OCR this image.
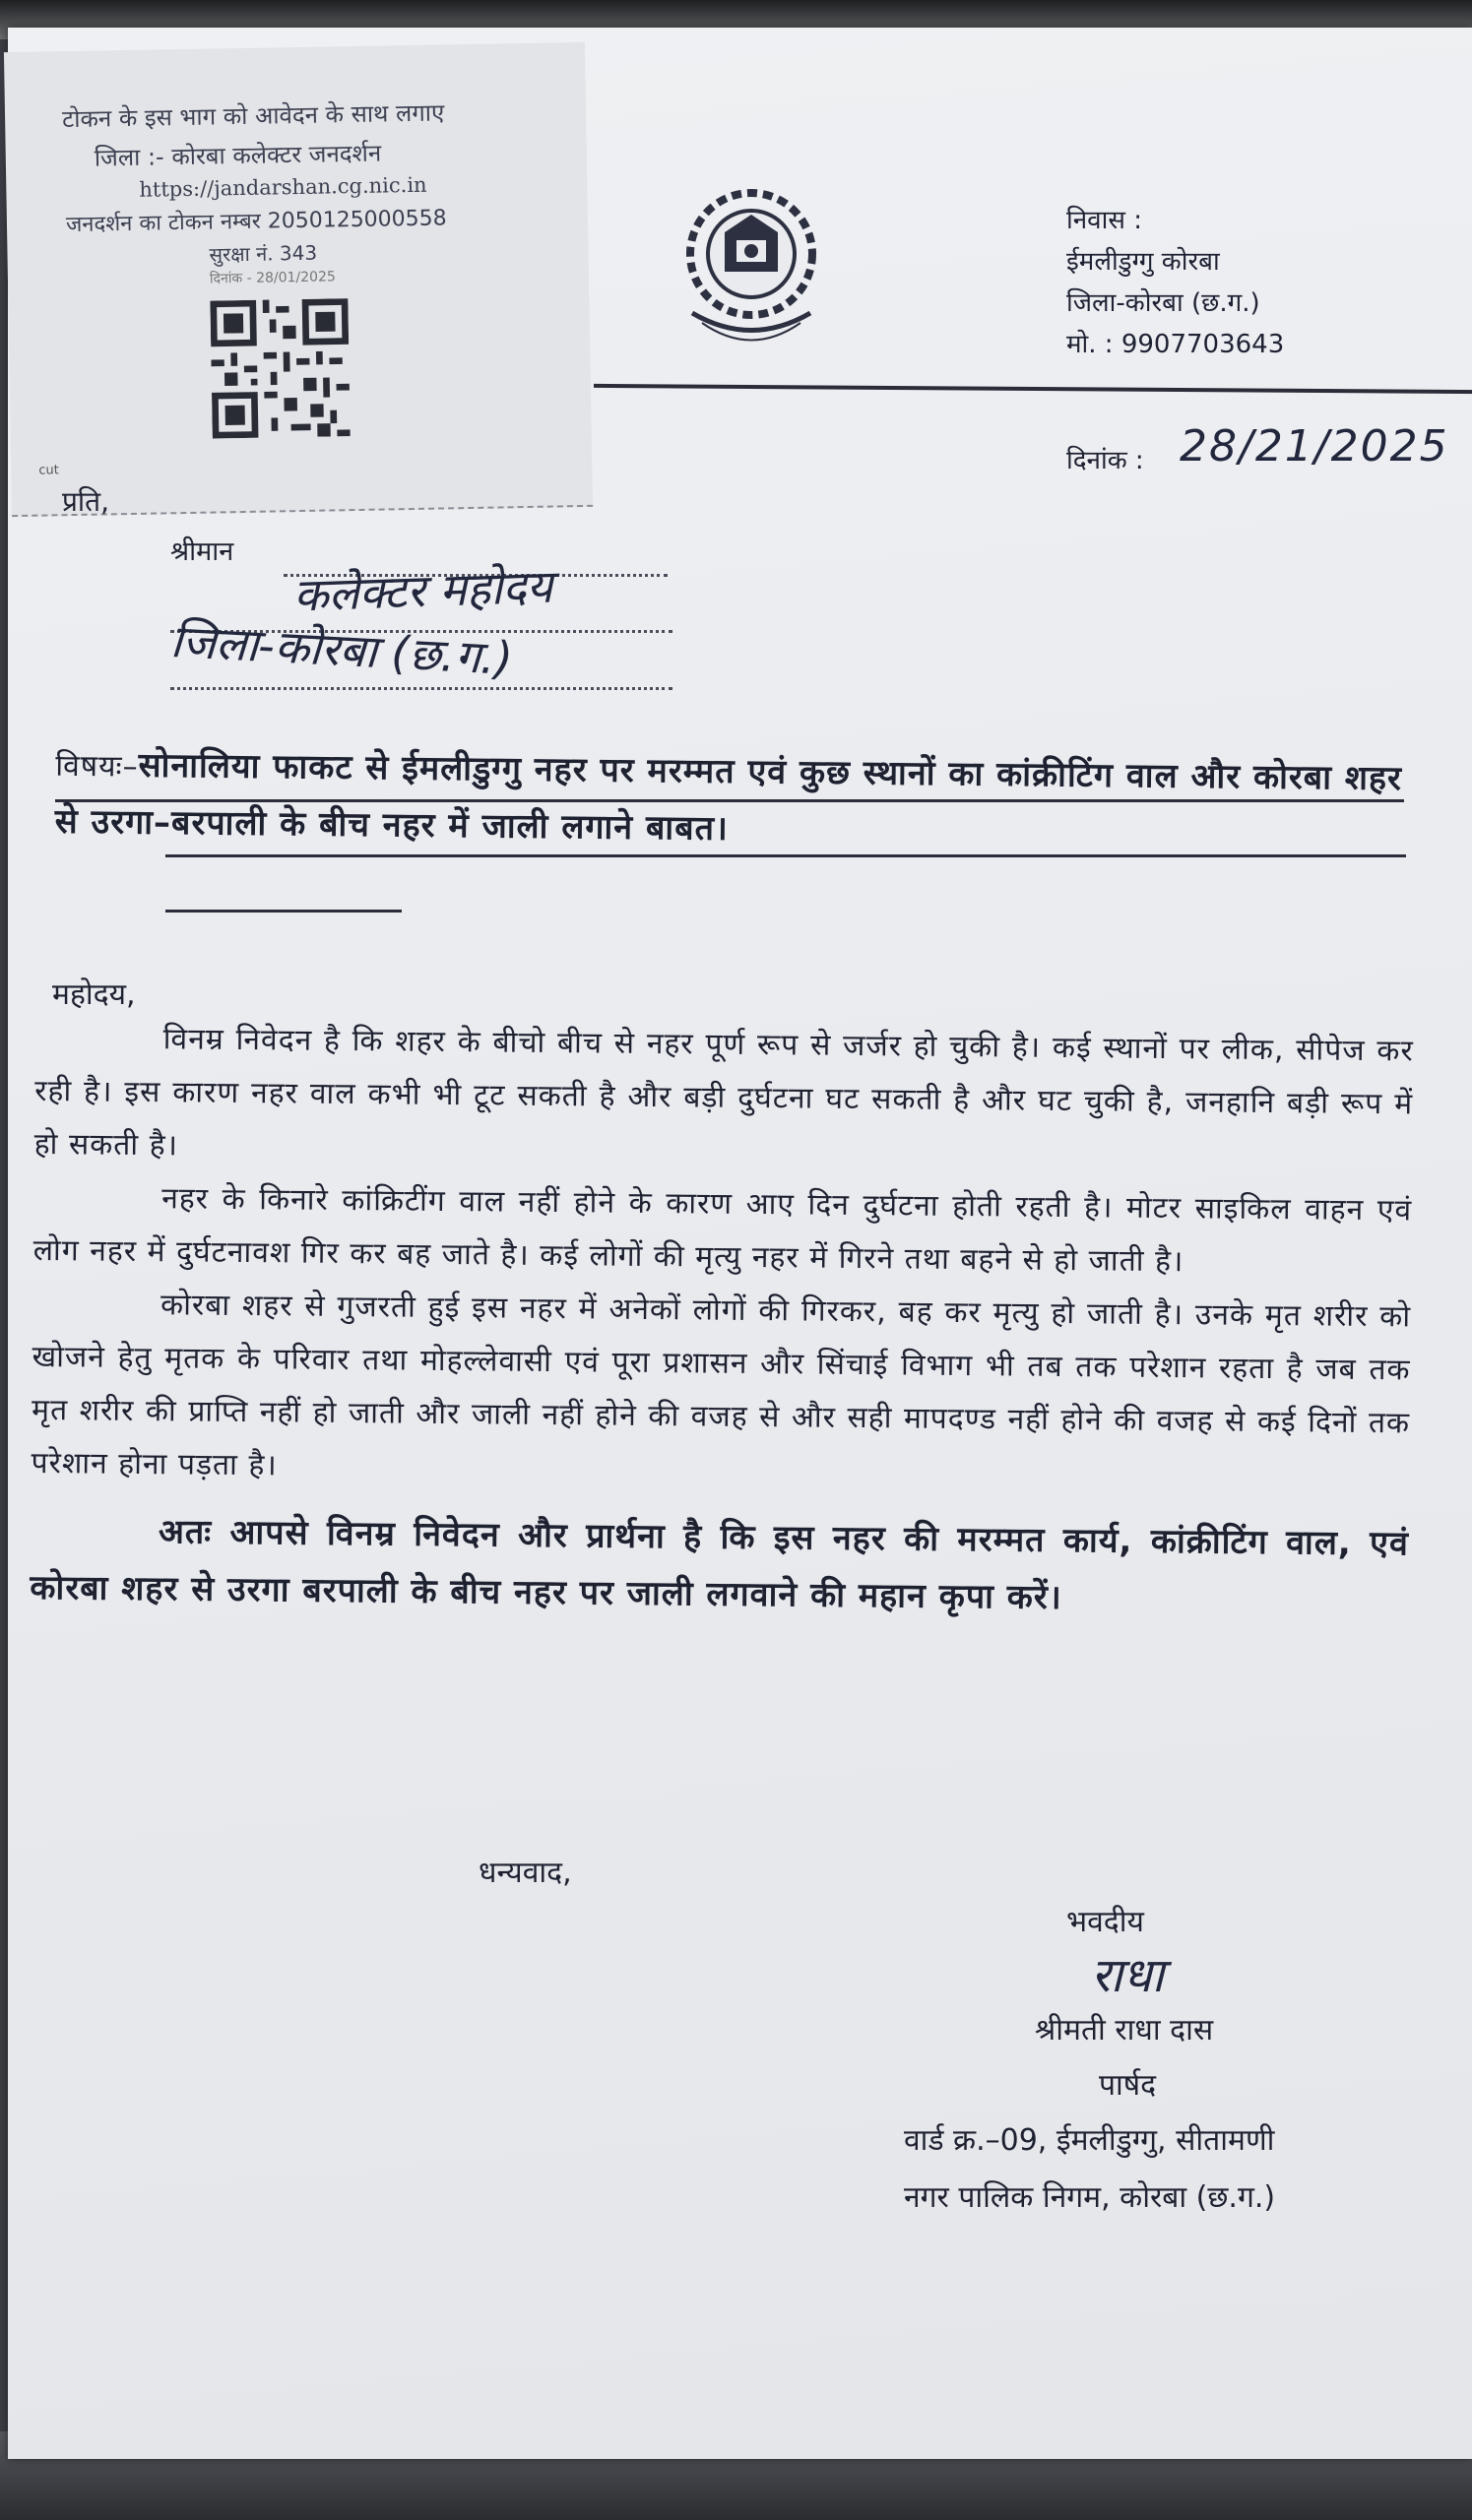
टोकन के इस भाग को आवेदन के साथ लगाए
जिला :- कोरबा कलेक्टर जनदर्शन
https://jandarshan.cg.nic.in
जनदर्शन का टोकन नम्बर 2050125000558
सुरक्षा नं. 343
दिनांक - 28/01/2025
cut
निवास :
ईमलीडुग्गु कोरबा
जिला-कोरबा (छ.ग.)
मो. : 9907703643
दिनांक : 28/21/2025
प्रति,
श्रीमान
कलेक्टर महोदय
जिला-कोरबा (छ.ग.)
विषयः–सोनालिया फाकट से ईमलीडुग्गु नहर पर मरम्मत एवं कुछ स्थानों का कांक्रीटिंग वाल और कोरबा शहर से उरगा–बरपाली के बीच नहर में जाली लगाने बाबत।
महोदय,

विनम्र निवेदन है कि शहर के बीचो बीच से नहर पूर्ण रूप से जर्जर हो चुकी है। कई स्थानों पर लीक, सीपेज कर रही है। इस कारण नहर वाल कभी भी टूट सकती है और बड़ी दुर्घटना घट सकती है और घट चुकी है, जनहानि बड़ी रूप में हो सकती है।

नहर के किनारे कांक्रिटींग वाल नहीं होने के कारण आए दिन दुर्घटना होती रहती है। मोटर साइकिल वाहन एवं लोग नहर में दुर्घटनावश गिर कर बह जाते है। कई लोगों की मृत्यु नहर में गिरने तथा बहने से हो जाती है।

कोरबा शहर से गुजरती हुई इस नहर में अनेकों लोगों की गिरकर, बह कर मृत्यु हो जाती है। उनके मृत शरीर को खोजने हेतु मृतक के परिवार तथा मोहल्लेवासी एवं पूरा प्रशासन और सिंचाई विभाग भी तब तक परेशान रहता है जब तक मृत शरीर की प्राप्ति नहीं हो जाती और जाली नहीं होने की वजह से और सही मापदण्ड नहीं होने की वजह से कई दिनों तक परेशान होना पड़ता है।

अतः आपसे विनम्र निवेदन और प्रार्थना है कि इस नहर की मरम्मत कार्य, कांक्रीटिंग वाल, एवं कोरबा शहर से उरगा बरपाली के बीच नहर पर जाली लगवाने की महान कृपा करें।

धन्यवाद,
भवदीय
राधा
श्रीमती राधा दास
पार्षद
वार्ड क्र.–09, ईमलीडुग्गु, सीतामणी
नगर पालिक निगम, कोरबा (छ.ग.)
